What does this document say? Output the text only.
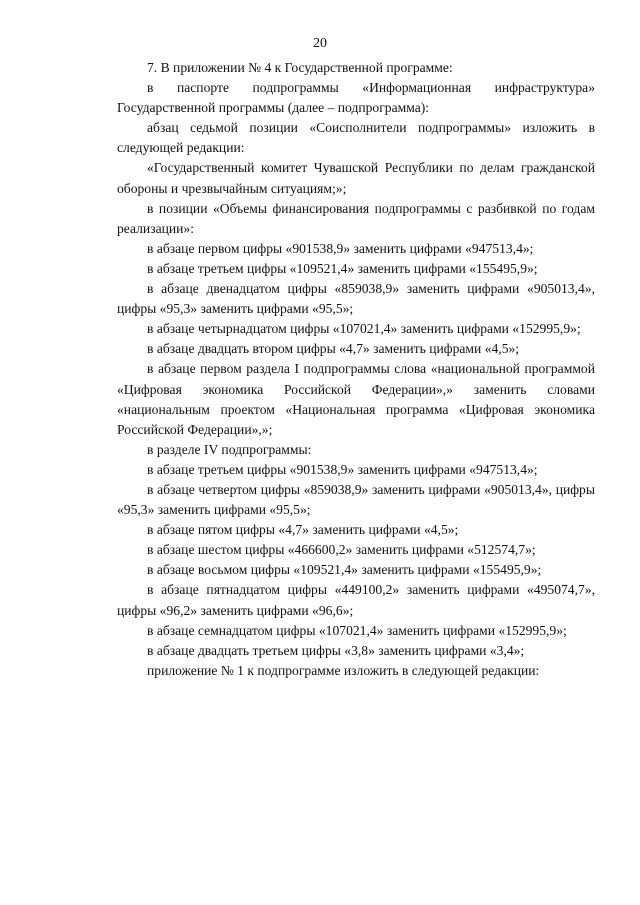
20

7. В приложении № 4 к Государственной программе:

в паспорте подпрограммы «Информационная инфраструктура» Государственной программы (далее – подпрограмма):

абзац седьмой позиции «Соисполнители подпрограммы» изложить в следующей редакции:

«Государственный комитет Чувашской Республики по делам гражданской обороны и чрезвычайным ситуациям;»;

в позиции «Объемы финансирования подпрограммы с разбивкой по годам реализации»:

в абзаце первом цифры «901538,9» заменить цифрами «947513,4»;

в абзаце третьем цифры «109521,4» заменить цифрами «155495,9»;

в абзаце двенадцатом цифры «859038,9» заменить цифрами «905013,4», цифры «95,3» заменить цифрами «95,5»;

в абзаце четырнадцатом цифры «107021,4» заменить цифрами «152995,9»;

в абзаце двадцать втором цифры «4,7» заменить цифрами «4,5»;

в абзаце первом раздела I подпрограммы слова «национальной программой «Цифровая экономика Российской Федерации»,» заменить словами «национальным проектом «Национальная программа «Цифровая экономика Российской Федерации»,»;

в разделе IV подпрограммы:

в абзаце третьем цифры «901538,9» заменить цифрами «947513,4»;

в абзаце четвертом цифры «859038,9» заменить цифрами «905013,4», цифры «95,3» заменить цифрами «95,5»;

в абзаце пятом цифры «4,7» заменить цифрами «4,5»;

в абзаце шестом цифры «466600,2» заменить цифрами «512574,7»;

в абзаце восьмом цифры «109521,4» заменить цифрами «155495,9»;

в абзаце пятнадцатом цифры «449100,2» заменить цифрами «495074,7», цифры «96,2» заменить цифрами «96,6»;

в абзаце семнадцатом цифры «107021,4» заменить цифрами «152995,9»;

в абзаце двадцать третьем цифры «3,8» заменить цифрами «3,4»;

приложение № 1 к подпрограмме изложить в следующей редакции:
